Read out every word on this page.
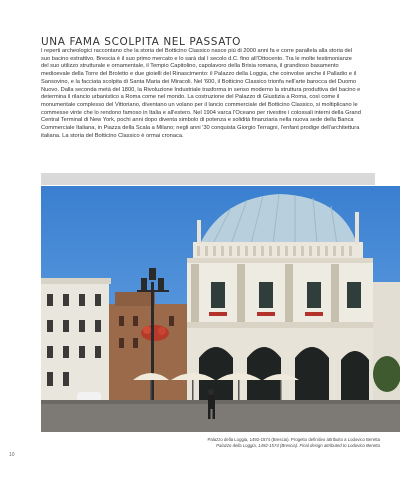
UNA FAMA SCOLPITA NEL PASSATO
I reperti archeologici raccontano che la storia del Botticino Classico nasce più di 2000 anni fa e corre parallela alla storia del suo bacino estrattivo. Brescia è il suo primo mercato e lo sarà dal I secolo d.C. fino all'Ottocento. Tra le molte testimonianze del suo utilizzo strutturale e ornamentale, il Tempio Capitolino, capolavoro della Brixia romana, il grandioso basamento medioevale della Torre del Broletto e due gioielli del Rinascimento: il Palazzo della Loggia, che coinvolse anche il Palladio e il Sansovino, e la facciata scolpita di Santa Maria dei Miracoli. Nel '600, il Botticino Classico trionfa nell'arte barocca del Duomo Nuovo. Dalla seconda metà del 1800, la Rivoluzione Industriale trasforma in senso moderno la struttura produttiva del bacino e determina il rilancio urbanistico a Roma come nel mondo. La costruzione del Palazzo di Giustizia a Roma, così come il monumentale complesso del Vittoriano, diventano un volano per il lancio commerciale del Botticino Classico, si moltiplicano le commesse vinte che lo rendono famoso in Italia e all'estero. Nel 1904 varca l'Oceano per rivestire i colossali interni della Grand Central Terminal di New York, pochi anni dopo diventa simbolo di potenza e solidità finanziaria nella nuova sede della Banca Commerciale Italiana, in Piazza della Scala a Milano; negli anni '30 conquista Giorgio Terragni, l'enfant prodige dell'architettura italiana. La storia del Botticino Classico è ormai cronaca.
Palazzo della Loggia, 1492-1574 (Brescia). Progetto definitivo attribuito a Lodovico Beretta
Palazzo della Loggia, 1492-1574 (Brescia). Final design attributed to Lodovico Beretta
10
